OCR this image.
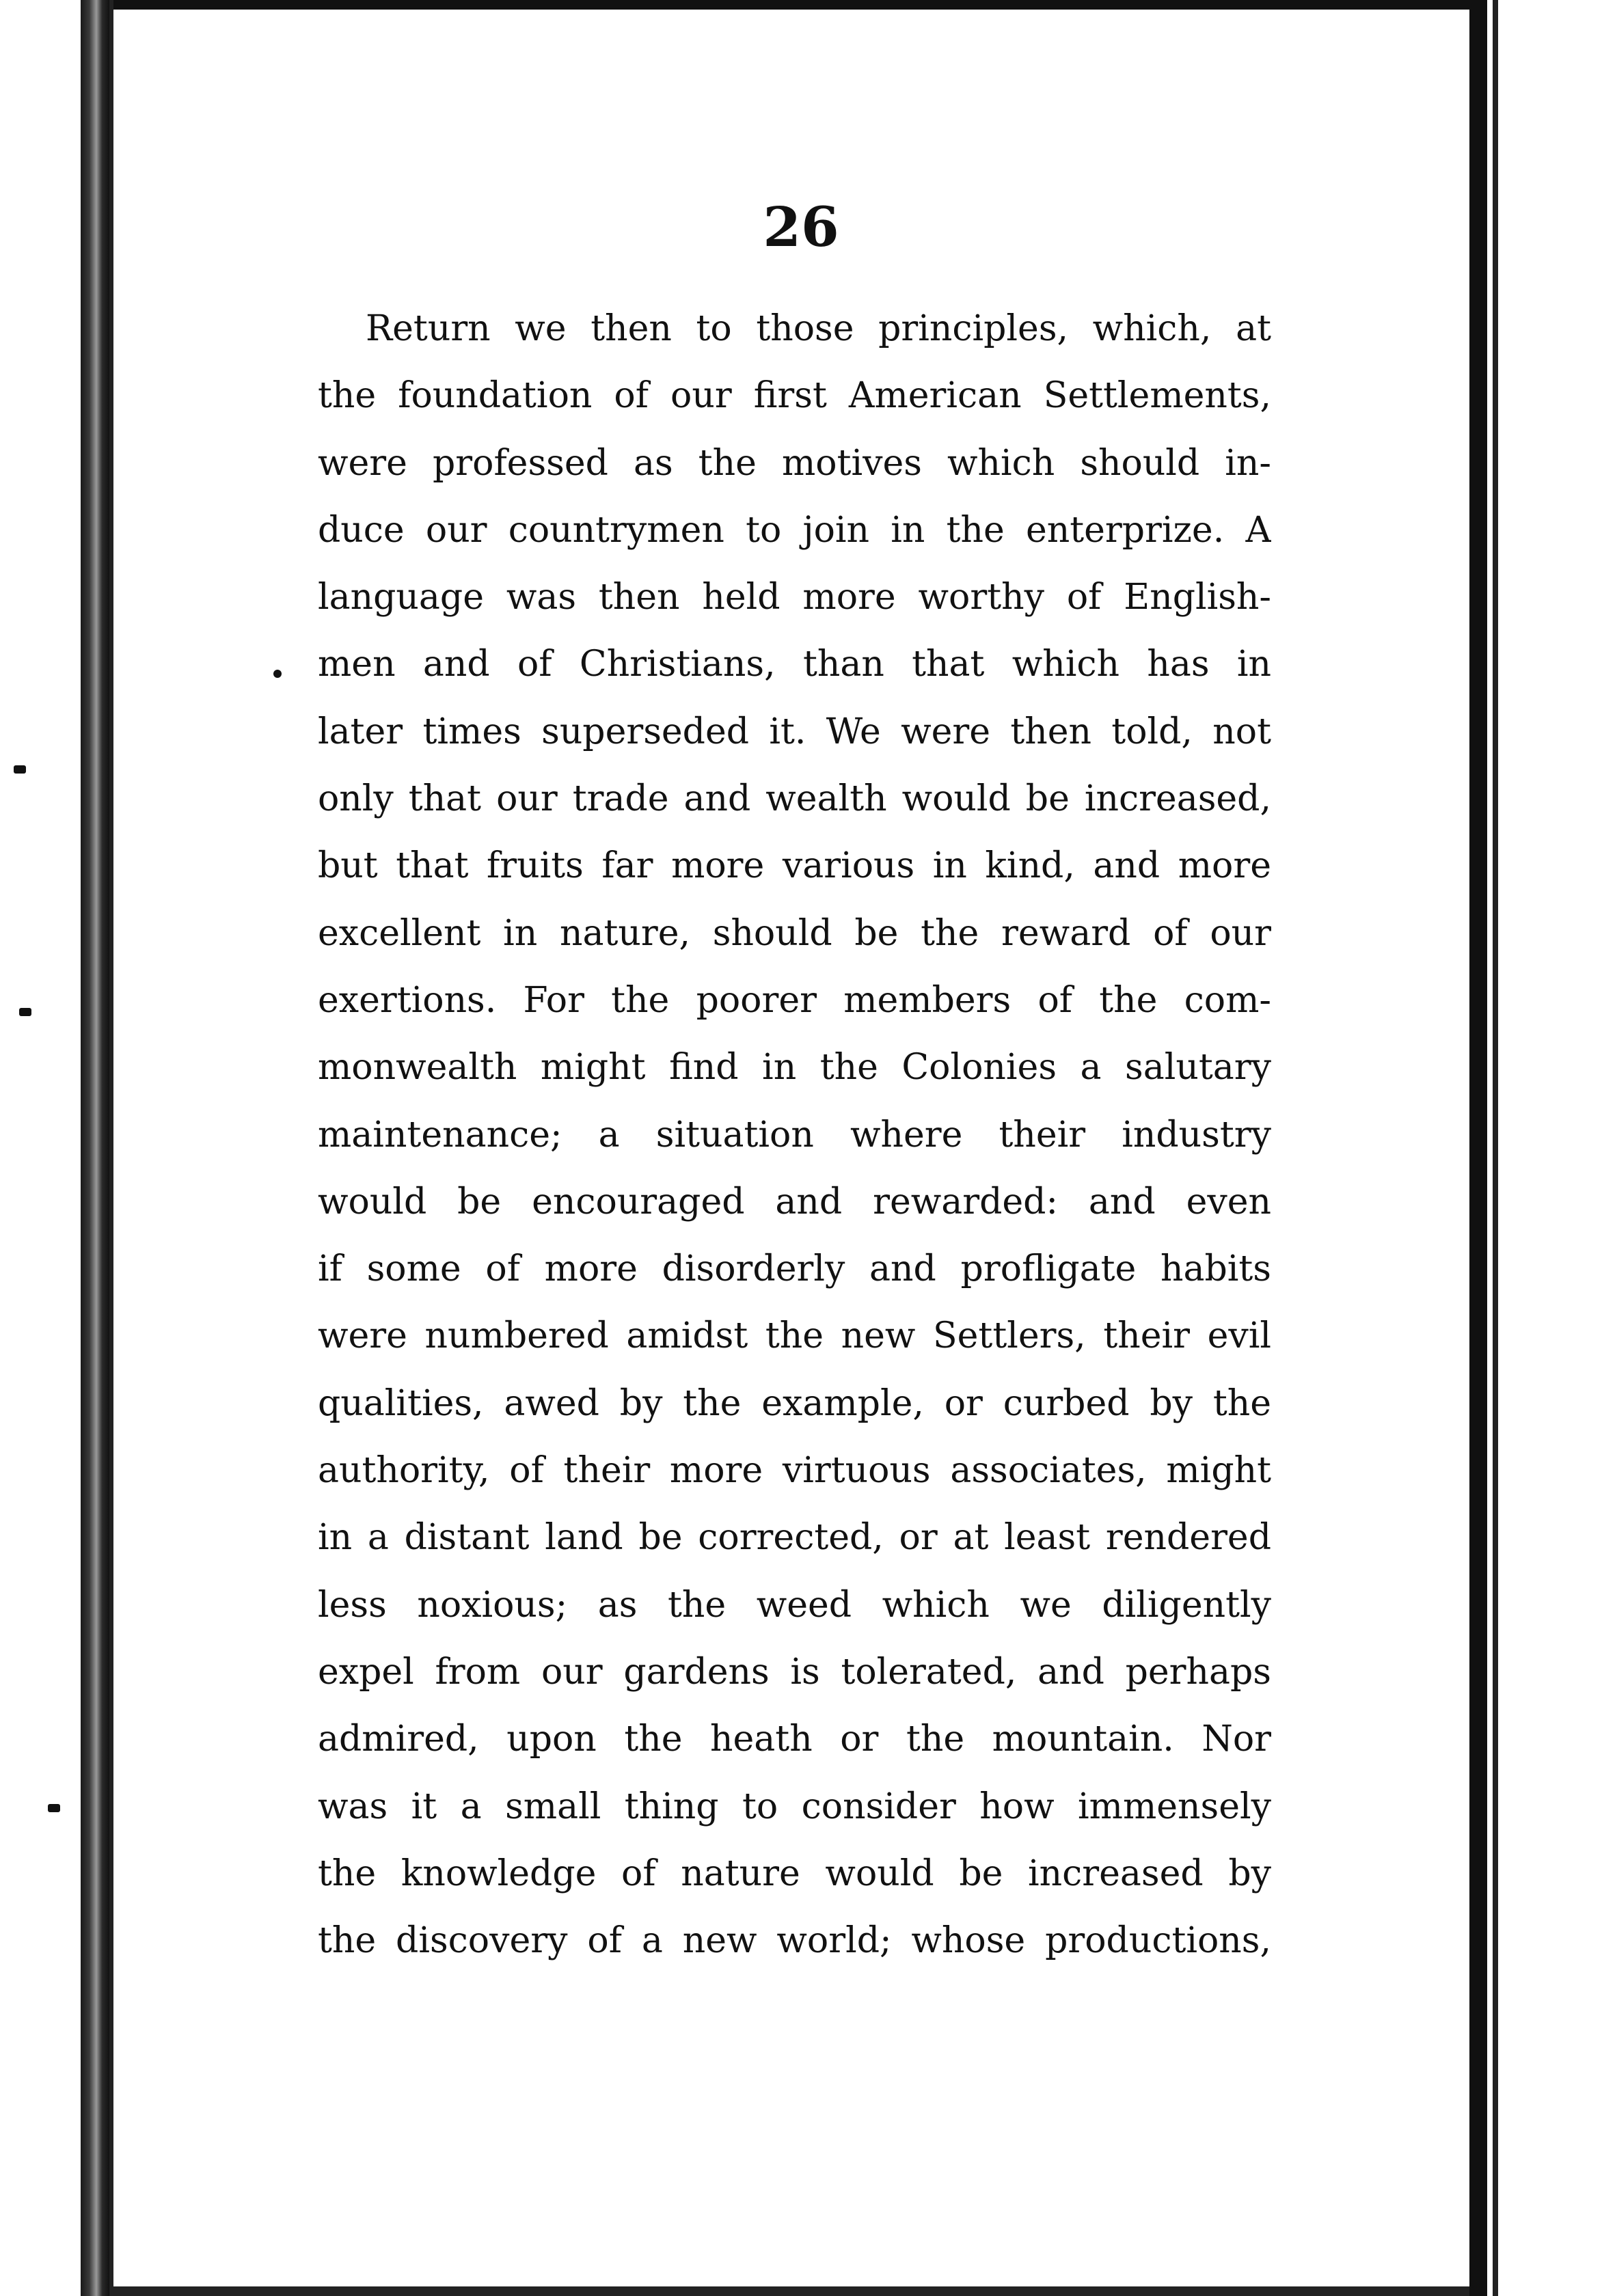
26
Return we then to those principles, which, at
the foundation of our first American Settlements,
were professed as the motives which should in-
duce our countrymen to join in the enterprize. A
language was then held more worthy of English-
men and of Christians, than that which has in
later times superseded it. We were then told, not
only that our trade and wealth would be increased,
but that fruits far more various in kind, and more
excellent in nature, should be the reward of our
exertions. For the poorer members of the com-
monwealth might find in the Colonies a salutary
maintenance; a situation where their industry
would be encouraged and rewarded: and even
if some of more disorderly and profligate habits
were numbered amidst the new Settlers, their evil
qualities, awed by the example, or curbed by the
authority, of their more virtuous associates, might
in a distant land be corrected, or at least rendered
less noxious; as the weed which we diligently
expel from our gardens is tolerated, and perhaps
admired, upon the heath or the mountain. Nor
was it a small thing to consider how immensely
the knowledge of nature would be increased by
the discovery of a new world; whose productions,
